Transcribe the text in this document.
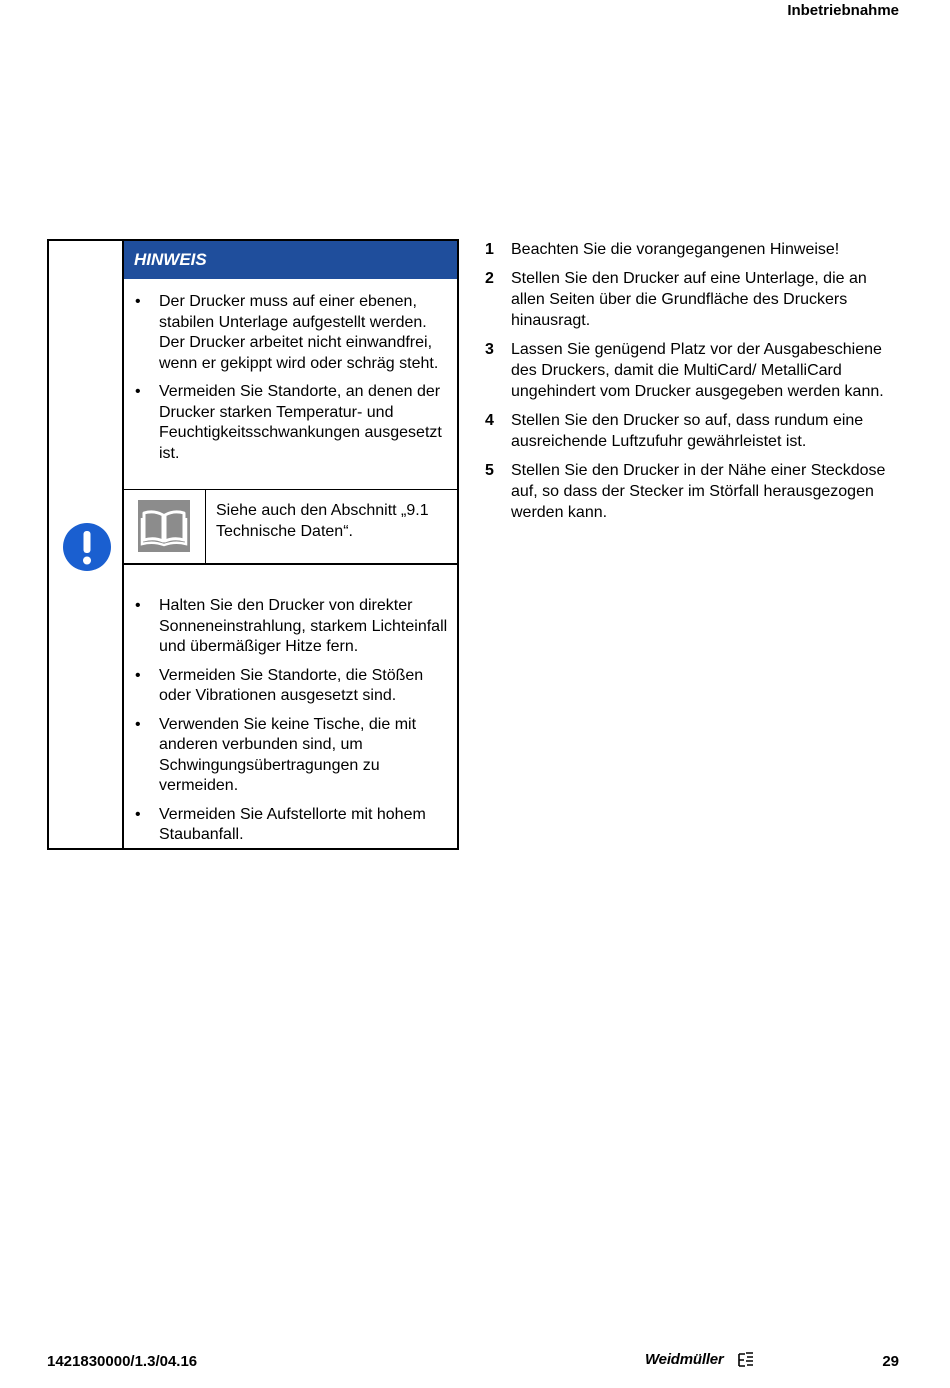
Inbetriebnahme
HINWEIS
• Der Drucker muss auf einer ebenen, stabilen Unterlage aufgestellt werden. Der Drucker arbeitet nicht einwandfrei, wenn er gekippt wird oder schräg steht.
• Vermeiden Sie Standorte, an denen der Drucker starken Temperatur- und Feuchtigkeitsschwankungen ausgesetzt ist.
Siehe auch den Abschnitt „9.1 Technische Daten“.
• Halten Sie den Drucker von direkter Sonneneinstrahlung, starkem Lichteinfall und übermäßiger Hitze fern.
• Vermeiden Sie Standorte, die Stößen oder Vibrationen ausgesetzt sind.
• Verwenden Sie keine Tische, die mit anderen verbunden sind, um Schwingungsübertragungen zu vermeiden.
• Vermeiden Sie Aufstellorte mit hohem Staubanfall.
1 Beachten Sie die vorangegangenen Hinweise!
2 Stellen Sie den Drucker auf eine Unterlage, die an allen Seiten über die Grundfläche des Druckers hinausragt.
3 Lassen Sie genügend Platz vor der Ausgabeschiene des Druckers, damit die MultiCard/ MetalliCard ungehindert vom Drucker ausgegeben werden kann.
4 Stellen Sie den Drucker so auf, dass rundum eine ausreichende Luftzufuhr gewährleistet ist.
5 Stellen Sie den Drucker in der Nähe einer Steckdose auf, so dass der Stecker im Störfall herausgezogen werden kann.
1421830000/1.3/04.16	Weidmüller	29
